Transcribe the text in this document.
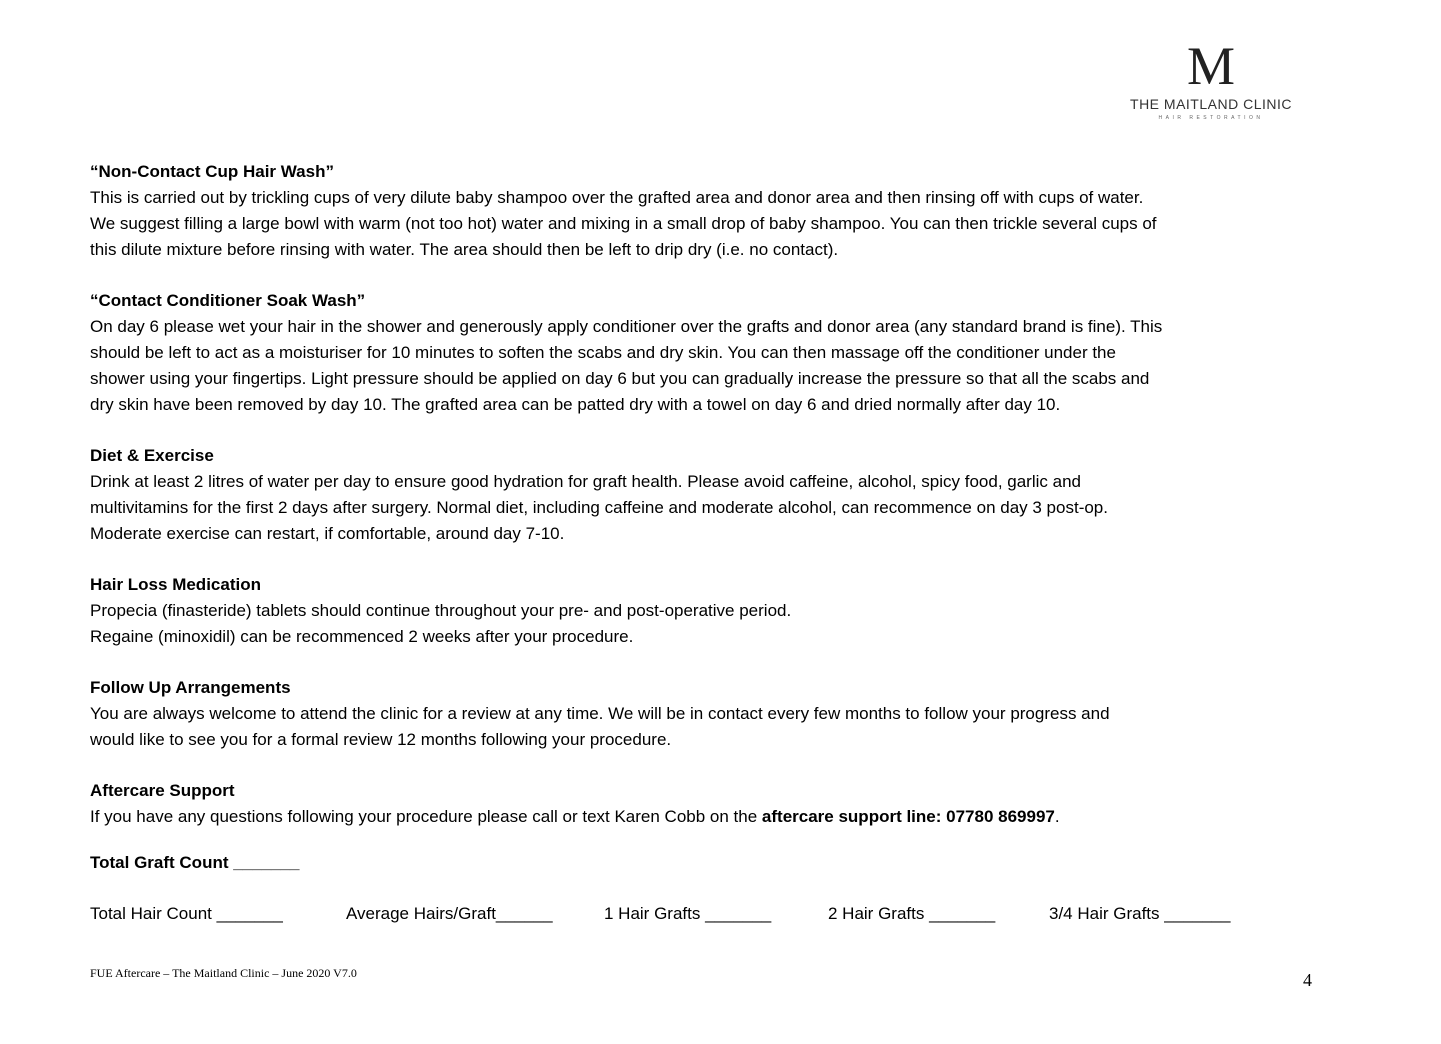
M
THE MAITLAND CLINIC
HAIR RESTORATION
“Non-Contact Cup Hair Wash”

This is carried out by trickling cups of very dilute baby shampoo over the grafted area and donor area and then rinsing off with cups of water.

We suggest filling a large bowl with warm (not too hot) water and mixing in a small drop of baby shampoo. You can then trickle several cups of

this dilute mixture before rinsing with water. The area should then be left to drip dry (i.e. no contact).

“Contact Conditioner Soak Wash”

On day 6 please wet your hair in the shower and generously apply conditioner over the grafts and donor area (any standard brand is fine). This

should be left to act as a moisturiser for 10 minutes to soften the scabs and dry skin. You can then massage off the conditioner under the

shower using your fingertips. Light pressure should be applied on day 6 but you can gradually increase the pressure so that all the scabs and

dry skin have been removed by day 10. The grafted area can be patted dry with a towel on day 6 and dried normally after day 10.

Diet & Exercise

Drink at least 2 litres of water per day to ensure good hydration for graft health. Please avoid caffeine, alcohol, spicy food, garlic and

multivitamins for the first 2 days after surgery. Normal diet, including caffeine and moderate alcohol, can recommence on day 3 post-op.

Moderate exercise can restart, if comfortable, around day 7-10.

Hair Loss Medication

Propecia (finasteride) tablets should continue throughout your pre- and post-operative period.

Regaine (minoxidil) can be recommenced 2 weeks after your procedure.

Follow Up Arrangements

You are always welcome to attend the clinic for a review at any time. We will be in contact every few months to follow your progress and

would like to see you for a formal review 12 months following your procedure.

Aftercare Support

If you have any questions following your procedure please call or text Karen Cobb on the aftercare support line: 07780 869997.

Total Graft Count _______
Total Hair Count _______	Average Hairs/Graft______	1 Hair Grafts _______	2 Hair Grafts _______	3/4 Hair Grafts _______
FUE Aftercare – The Maitland Clinic – June 2020 V7.0	4
